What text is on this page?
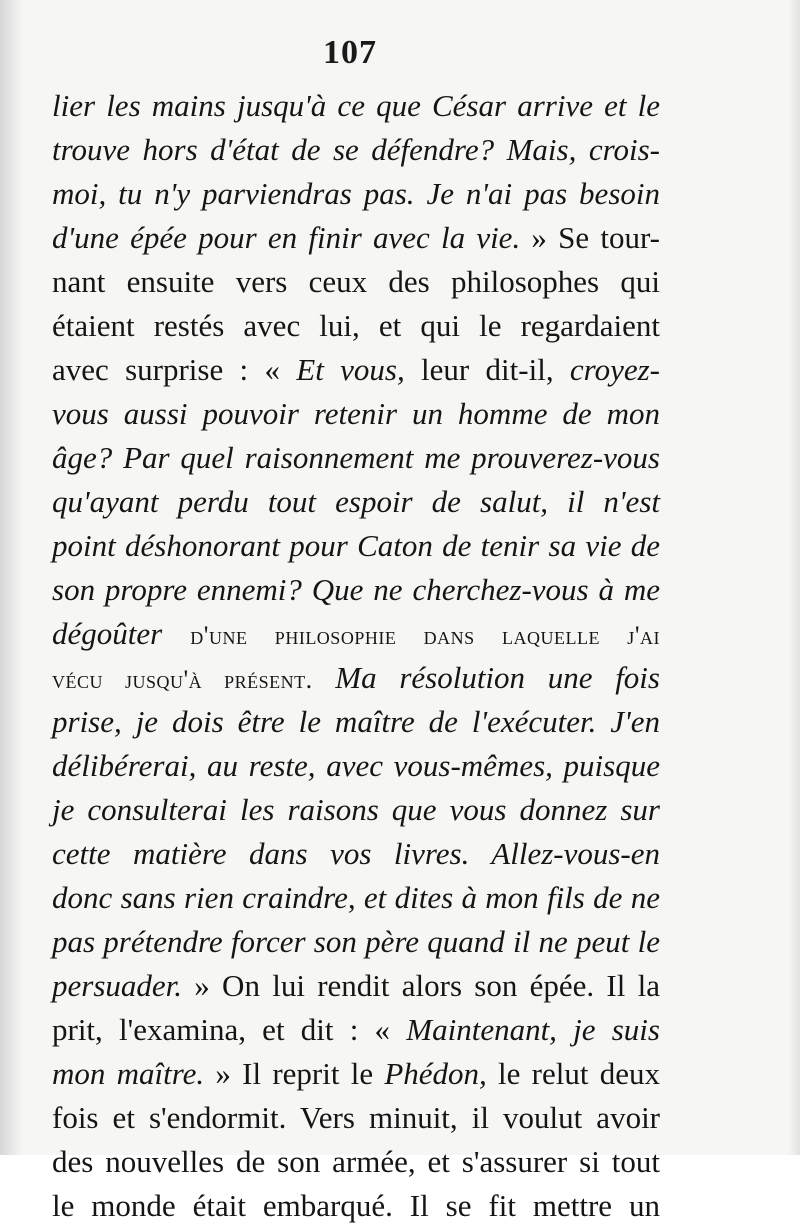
107
lier les mains jusqu'à ce que César arrive et le
trouve hors d'état de se défendre? Mais, crois-
moi, tu n'y parviendras pas. Je n'ai pas besoin
d'une épée pour en finir avec la vie. » Se tour-
nant ensuite vers ceux des philosophes qui
étaient restés avec lui, et qui le regardaient
avec surprise : « Et vous, leur dit-il, croyez-
vous aussi pouvoir retenir un homme de mon
âge? Par quel raisonnement me prouverez-vous
qu'ayant perdu tout espoir de salut, il n'est
point déshonorant pour Caton de tenir sa vie de
son propre ennemi? Que ne cherchez-vous à me
dégoûter d'une philosophie dans laquelle j'ai
vécu jusqu'à présent. Ma résolution une fois
prise, je dois être le maître de l'exécuter. J'en
délibérerai, au reste, avec vous-mêmes, puisque
je consulterai les raisons que vous donnez sur
cette matière dans vos livres. Allez-vous-en
donc sans rien craindre, et dites à mon fils de ne
pas prétendre forcer son père quand il ne peut le
persuader. » On lui rendit alors son épée. Il la
prit, l'examina, et dit : « Maintenant, je suis
mon maître. » Il reprit le Phédon, le relut deux
fois et s'endormit. Vers minuit, il voulut avoir
des nouvelles de son armée, et s'assurer si tout
le monde était embarqué. Il se fit mettre un
